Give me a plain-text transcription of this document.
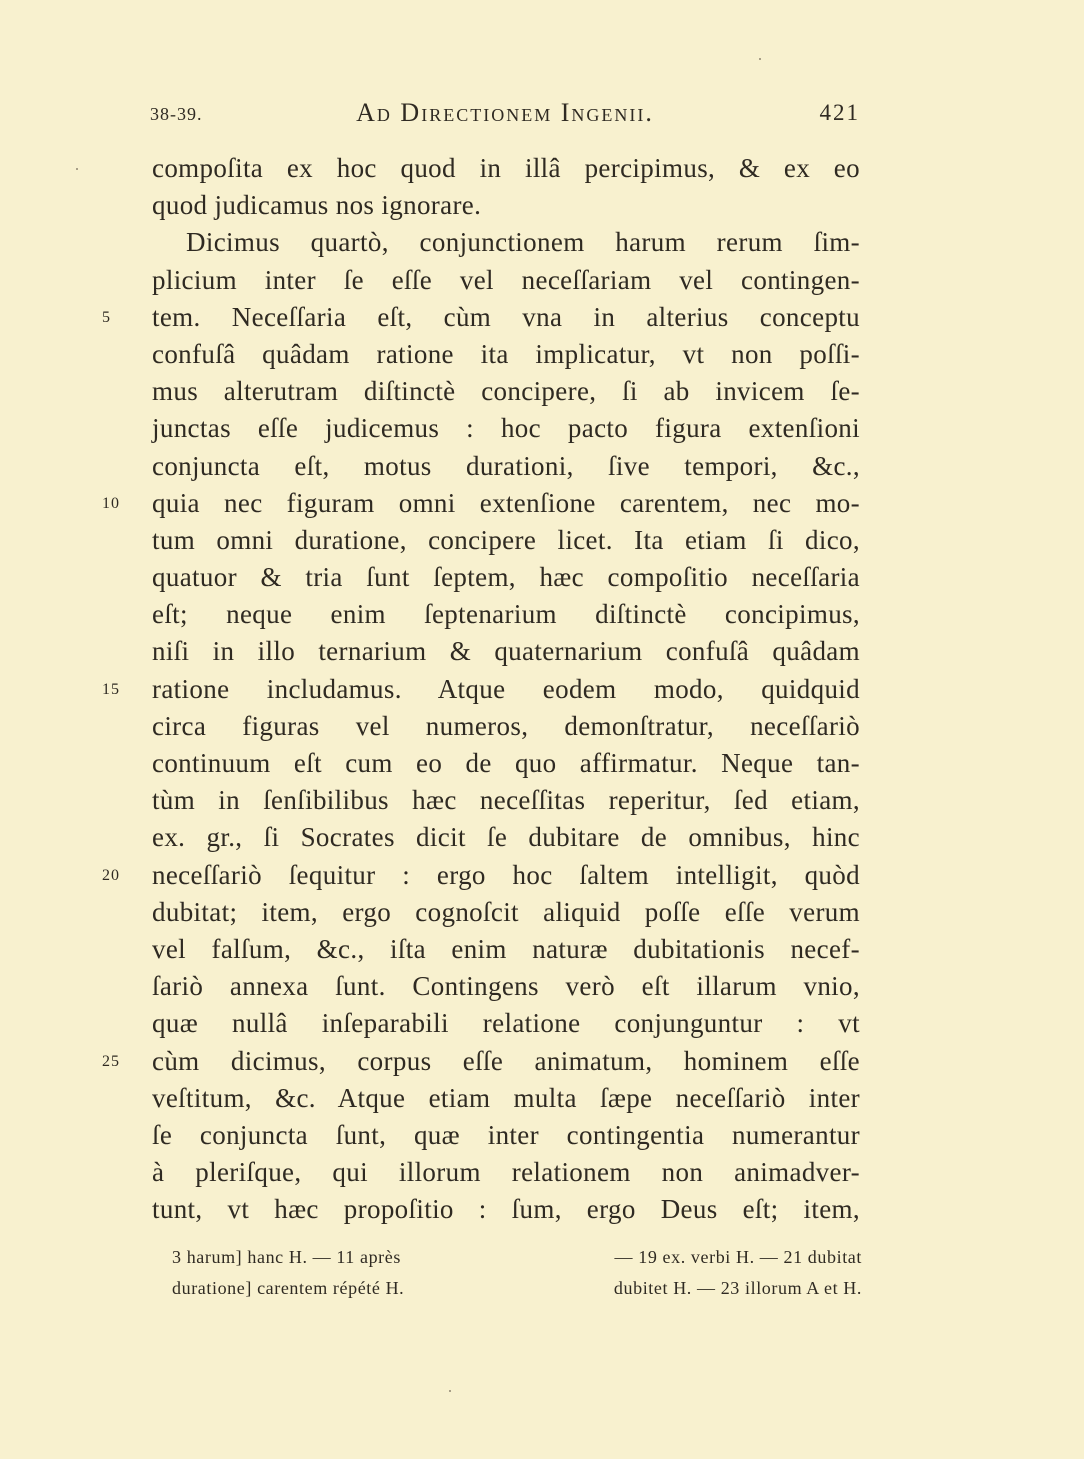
38-39.	Ad Directionem Ingenii.	421
compoſita ex hoc quod in illâ percipimus, & ex eo
quod judicamus nos ignorare.
Dicimus quartò, conjunctionem harum rerum ſim-
plicium inter ſe eſſe vel neceſſariam vel contingen-
5	tem. Neceſſaria eſt, cùm vna in alterius conceptu
confuſâ quâdam ratione ita implicatur, vt non poſſi-
mus alterutram diſtinctè concipere, ſi ab invicem ſe-
junctas eſſe judicemus : hoc pacto figura extenſioni
conjuncta eſt, motus durationi, ſive tempori, &c.,
10 quia nec figuram omni extenſione carentem, nec mo-
tum omni duratione, concipere licet. Ita etiam ſi dico,
quatuor & tria ſunt ſeptem, hæc compoſitio neceſſaria
eſt; neque enim ſeptenarium diſtinctè concipimus,
niſi in illo ternarium & quaternarium confuſâ quâdam
15 ratione includamus. Atque eodem modo, quidquid
circa figuras vel numeros, demonſtratur, neceſſariò
continuum eſt cum eo de quo affirmatur. Neque tan-
tùm in ſenſibilibus hæc neceſſitas reperitur, ſed etiam,
ex. gr., ſi Socrates dicit ſe dubitare de omnibus, hinc
20 neceſſariò ſequitur : ergo hoc ſaltem intelligit, quòd
dubitat; item, ergo cognoſcit aliquid poſſe eſſe verum
vel falſum, &c., iſta enim naturæ dubitationis necef-
ſariò annexa ſunt. Contingens verò eſt illarum vnio,
quæ nullâ inſeparabili relatione conjunguntur : vt
25 cùm dicimus, corpus eſſe animatum, hominem eſſe
veſtitum, &c. Atque etiam multa ſæpe neceſſariò inter
ſe conjuncta ſunt, quæ inter contingentia numerantur
à pleriſque, qui illorum relationem non animadver-
tunt, vt hæc propoſitio : ſum, ergo Deus eſt; item,
3 harum] hanc H. — 11 après	— 19 ex. verbi H. — 21 dubitat
duratione] carentem répété H.	dubitet H. — 23 illorum A et H.
